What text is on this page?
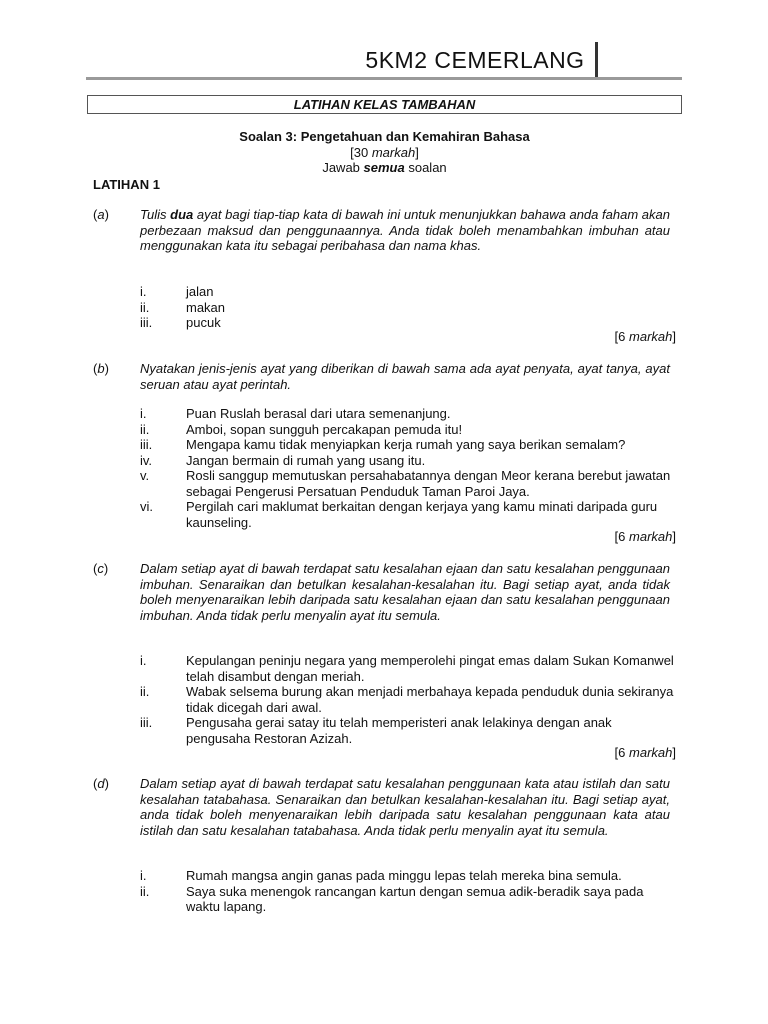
5KM2 CEMERLANG
LATIHAN KELAS TAMBAHAN
Soalan 3: Pengetahuan dan Kemahiran Bahasa
[30 markah]
Jawab semua soalan
LATIHAN 1
(a) Tulis dua ayat bagi tiap-tiap kata di bawah ini untuk menunjukkan bahawa anda faham akan perbezaan maksud dan penggunaannya. Anda tidak boleh menambahkan imbuhan atau menggunakan kata itu sebagai peribahasa dan nama khas.
i.	jalan
ii.	makan
iii.	pucuk
[6 markah]
(b) Nyatakan jenis-jenis ayat yang diberikan di bawah sama ada ayat penyata, ayat tanya, ayat seruan atau ayat perintah.
i.	Puan Ruslah berasal dari utara semenanjung.
ii.	Amboi, sopan sungguh percakapan pemuda itu!
iii.	Mengapa kamu tidak menyiapkan kerja rumah yang saya berikan semalam?
iv.	Jangan bermain di rumah yang usang itu.
v.	Rosli sanggup memutuskan persahabatannya dengan Meor kerana berebut jawatan sebagai Pengerusi Persatuan Penduduk Taman Paroi Jaya.
vi.	Pergilah cari maklumat berkaitan dengan kerjaya yang kamu minati daripada guru kaunseling.
[6 markah]
(c) Dalam setiap ayat di bawah terdapat satu kesalahan ejaan dan satu kesalahan penggunaan imbuhan. Senaraikan dan betulkan kesalahan-kesalahan itu. Bagi setiap ayat, anda tidak boleh menyenaraikan lebih daripada satu kesalahan ejaan dan satu kesalahan penggunaan imbuhan. Anda tidak perlu menyalin ayat itu semula.
i.	Kepulangan peninju negara yang memperolehi pingat emas dalam Sukan Komanwel telah disambut dengan meriah.
ii.	Wabak selsema burung akan menjadi merbahaya kepada penduduk dunia sekiranya tidak dicegah dari awal.
iii.	Pengusaha gerai satay itu telah memperisteri anak lelakinya dengan anak pengusaha Restoran Azizah.
[6 markah]
(d) Dalam setiap ayat di bawah terdapat satu kesalahan penggunaan kata atau istilah dan satu kesalahan tatabahasa. Senaraikan dan betulkan kesalahan-kesalahan itu. Bagi setiap ayat, anda tidak boleh menyenaraikan lebih daripada satu kesalahan penggunaan kata atau istilah dan satu kesalahan tatabahasa. Anda tidak perlu menyalin ayat itu semula.
i.	Rumah mangsa angin ganas pada minggu lepas telah mereka bina semula.
ii.	Saya suka menengok rancangan kartun dengan semua adik-beradik saya pada waktu lapang.
